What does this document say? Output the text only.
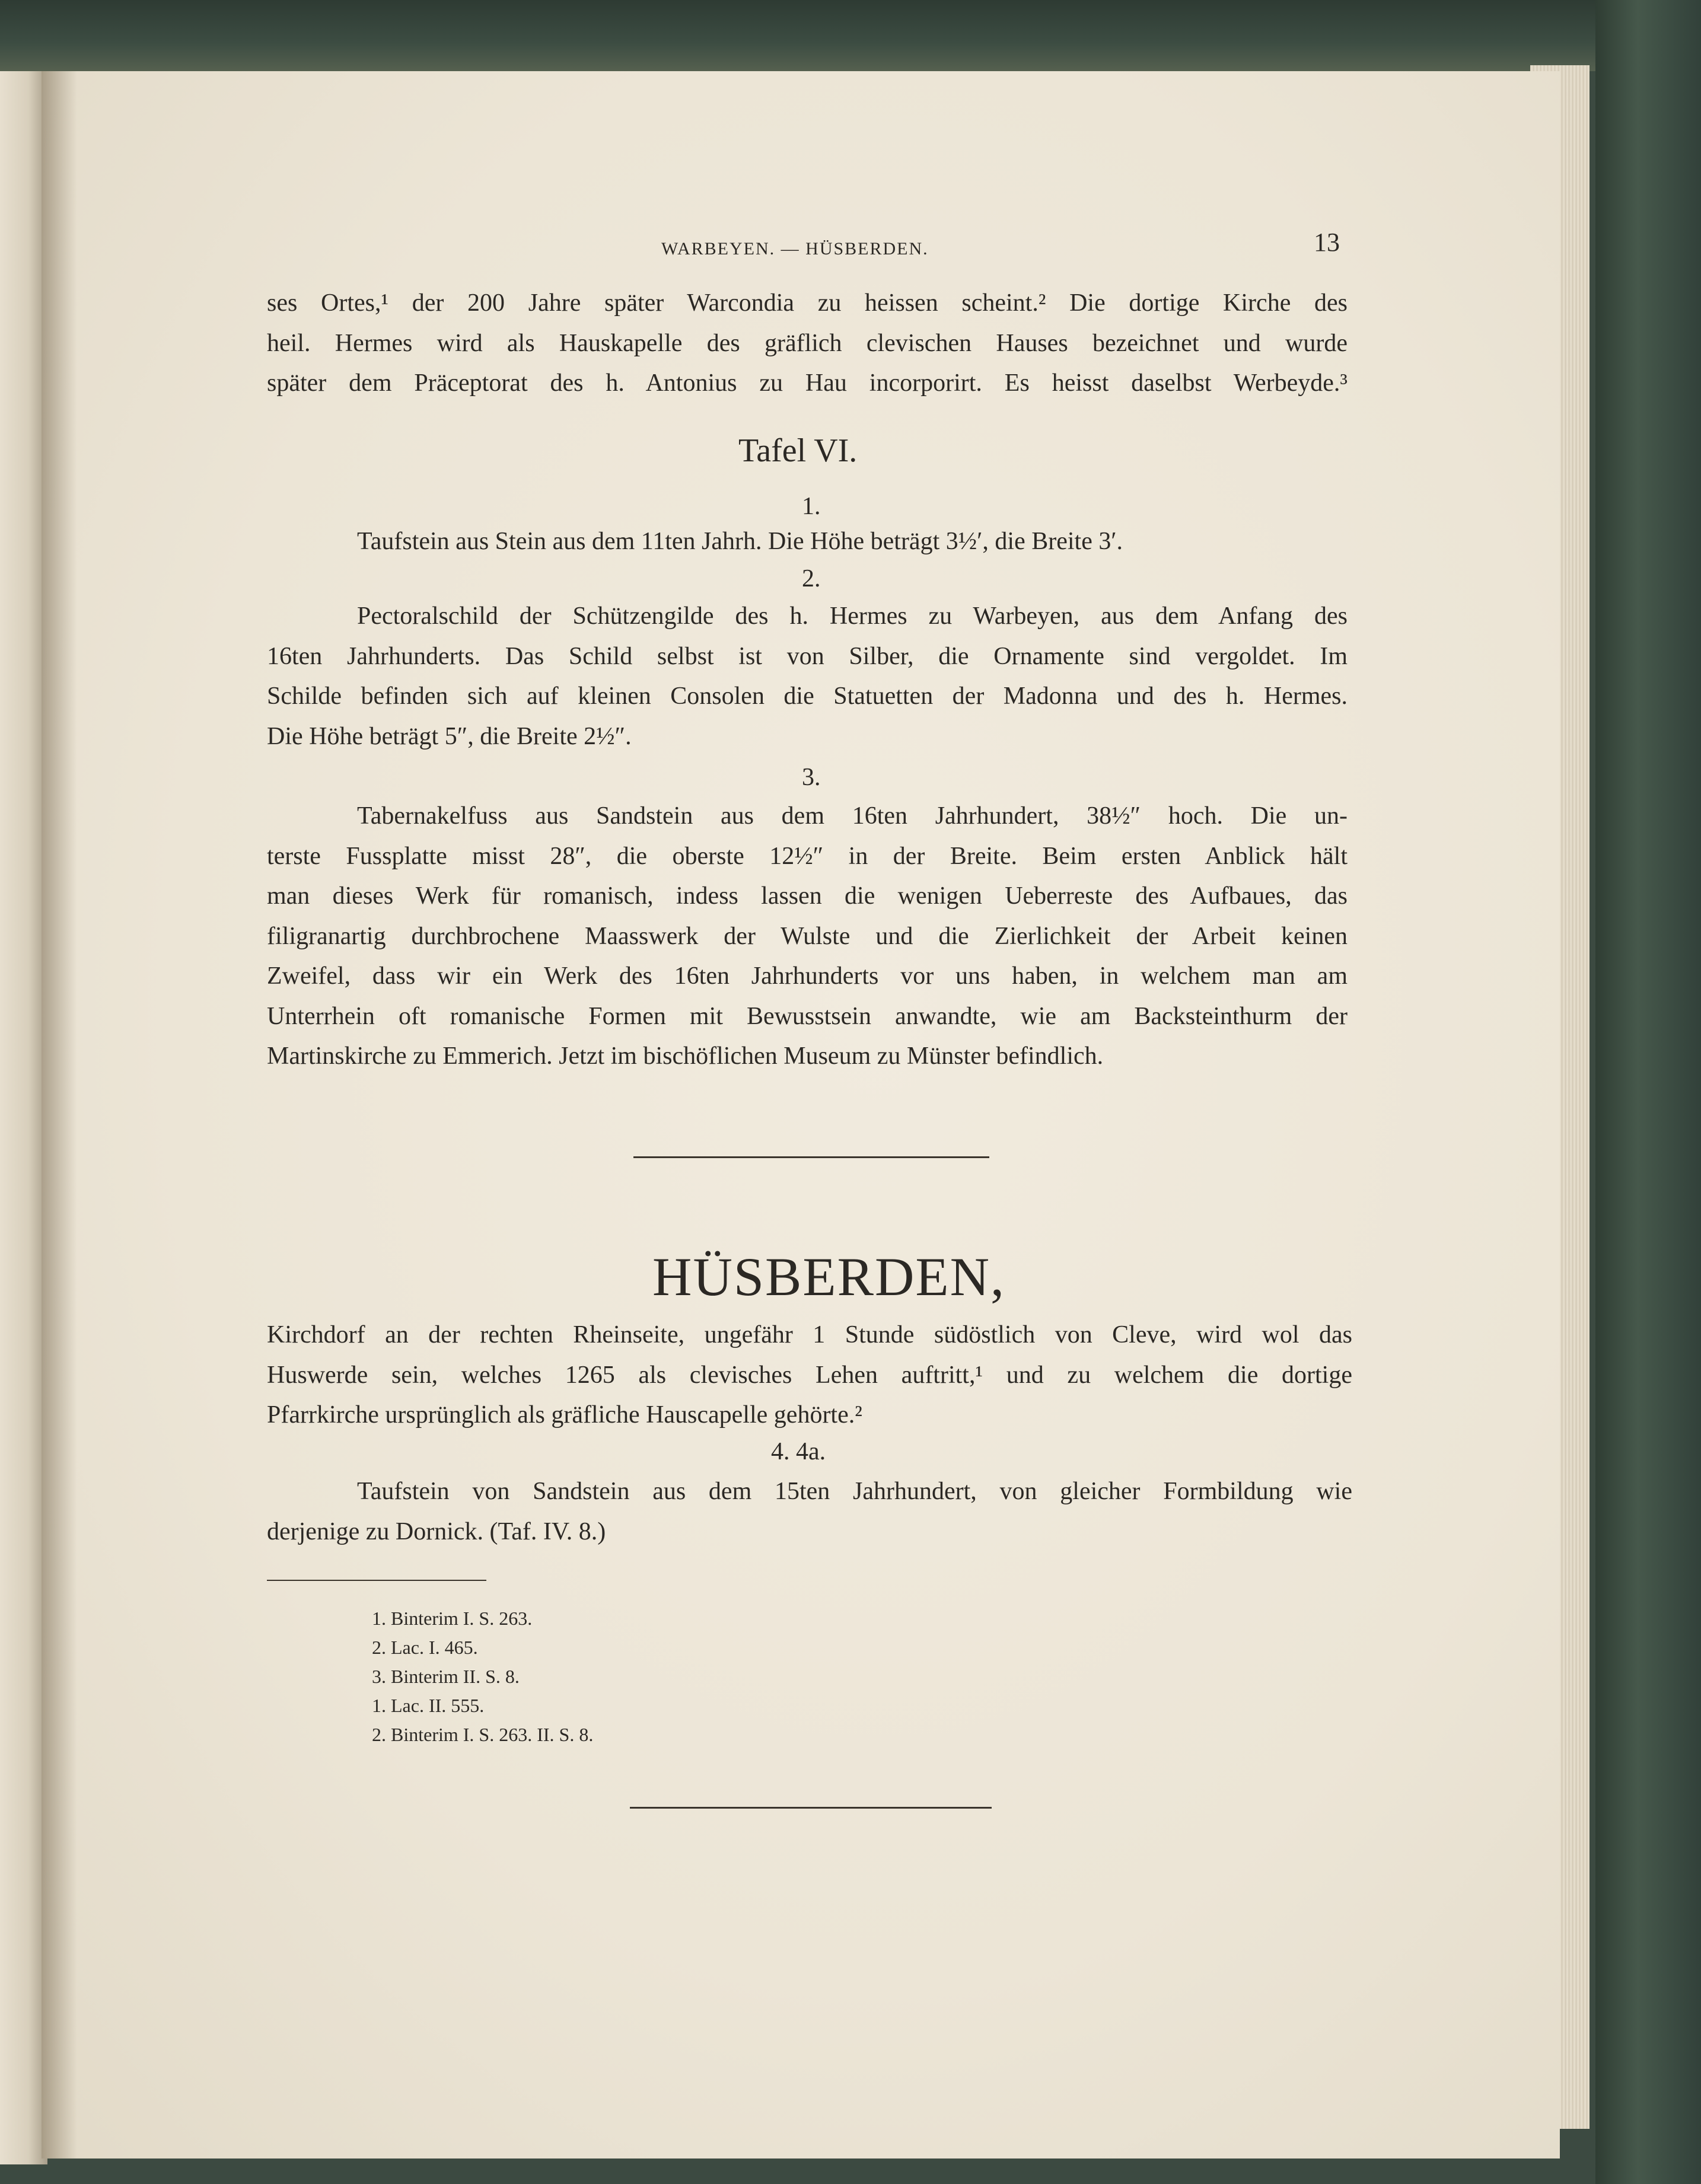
WARBEYEN. — HÜSBERDEN.	13
ses Ortes,¹ der 200 Jahre später Warcondia zu heissen scheint.² Die dortige Kirche des
heil. Hermes wird als Hauskapelle des gräflich clevischen Hauses bezeichnet und wurde
später dem Präceptorat des h. Antonius zu Hau incorporirt. Es heisst daselbst Werbeyde.³
Tafel VI.
1.
Taufstein aus Stein aus dem 11ten Jahrh. Die Höhe beträgt 3½′, die Breite 3′.
2.
Pectoralschild der Schützengilde des h. Hermes zu Warbeyen, aus dem Anfang des
16ten Jahrhunderts. Das Schild selbst ist von Silber, die Ornamente sind vergoldet. Im
Schilde befinden sich auf kleinen Consolen die Statuetten der Madonna und des h. Hermes.
Die Höhe beträgt 5″, die Breite 2½″.
3.
Tabernakelfuss aus Sandstein aus dem 16ten Jahrhundert, 38½″ hoch. Die un-
terste Fussplatte misst 28″, die oberste 12½″ in der Breite. Beim ersten Anblick hält
man dieses Werk für romanisch, indess lassen die wenigen Ueberreste des Aufbaues, das
filigranartig durchbrochene Maasswerk der Wulste und die Zierlichkeit der Arbeit keinen
Zweifel, dass wir ein Werk des 16ten Jahrhunderts vor uns haben, in welchem man am
Unterrhein oft romanische Formen mit Bewusstsein anwandte, wie am Backsteinthurm der
Martinskirche zu Emmerich. Jetzt im bischöflichen Museum zu Münster befindlich.
HÜSBERDEN,
Kirchdorf an der rechten Rheinseite, ungefähr 1 Stunde südöstlich von Cleve, wird wol das
Huswerde sein, welches 1265 als clevisches Lehen auftritt,¹ und zu welchem die dortige
Pfarrkirche ursprünglich als gräfliche Hauscapelle gehörte.²
4. 4a.
Taufstein von Sandstein aus dem 15ten Jahrhundert, von gleicher Formbildung wie
derjenige zu Dornick. (Taf. IV. 8.)
1. Binterim I. S. 263.
2. Lac. I. 465.
3. Binterim II. S. 8.
1. Lac. II. 555.
2. Binterim I. S. 263. II. S. 8.
